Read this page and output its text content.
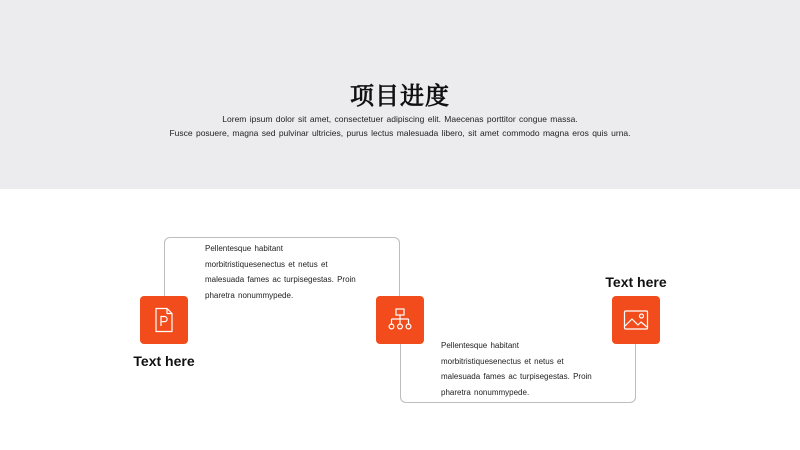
项目进度
Lorem ipsum dolor sit amet, consectetuer adipiscing elit. Maecenas porttitor congue massa.
Fusce posuere, magna sed pulvinar ultricies, purus lectus malesuada libero, sit amet commodo magna eros quis urna.
Text here
Pellentesque habitant
morbitristiquesenectus et netus et
malesuada fames ac turpisegestas. Proin
pharetra nonummypede.
Pellentesque habitant
morbitristiquesenectus et netus et
malesuada fames ac turpisegestas. Proin
pharetra nonummypede.
Text here
